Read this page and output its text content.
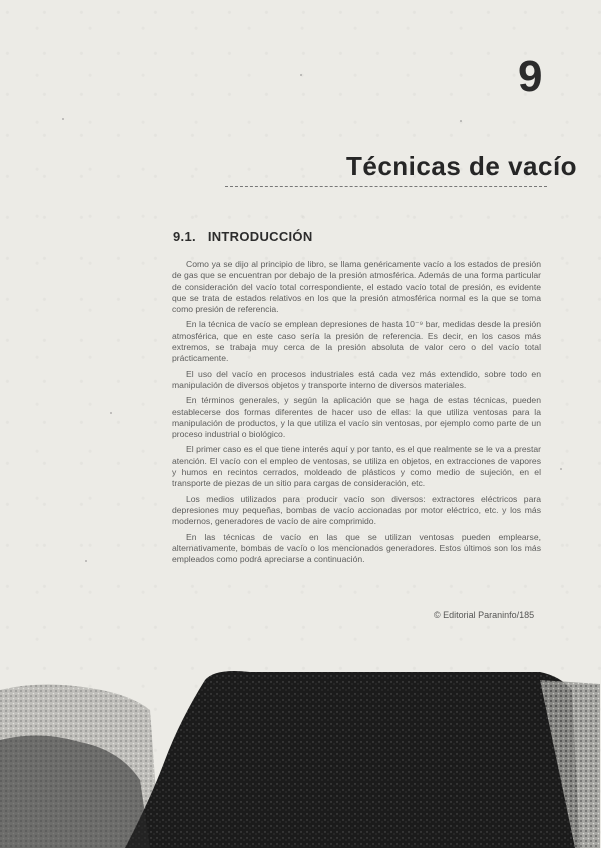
9
Técnicas de vacío
9.1. INTRODUCCIÓN

Como ya se dijo al principio de libro, se llama genéricamente vacío a los estados de presión de gas que se encuentran por debajo de la presión atmosférica. Además de una forma particular de consideración del vacío total correspondiente, el estado vacío total de presión, es evidente que se trata de estados relativos en los que la presión atmosférica normal es la que se toma como presión de referencia.

En la técnica de vacío se emplean depresiones de hasta 10⁻⁹ bar, medidas desde la presión atmosférica, que en este caso sería la presión de referencia. Es decir, en los casos más extremos, se trabaja muy cerca de la presión absoluta de valor cero o del vacío total prácticamente.

El uso del vacío en procesos industriales está cada vez más extendido, sobre todo en manipulación de diversos objetos y transporte interno de diversos materiales.

En términos generales, y según la aplicación que se haga de estas técnicas, pueden establecerse dos formas diferentes de hacer uso de ellas: la que utiliza ventosas para la manipulación de productos, y la que utiliza el vacío sin ventosas, por ejemplo como parte de un proceso industrial o biológico.

El primer caso es el que tiene interés aquí y por tanto, es el que realmente se le va a prestar atención. El vacío con el empleo de ventosas, se utiliza en objetos, en extracciones de vapores y humos en recintos cerrados, moldeado de plásticos y como medio de sujeción, en el transporte de piezas de un sitio para cargas de consideración, etc.

Los medios utilizados para producir vacío son diversos: extractores eléctricos para depresiones muy pequeñas, bombas de vacío accionadas por motor eléctrico, etc. y los más modernos, generadores de vacío de aire comprimido.

En las técnicas de vacío en las que se utilizan ventosas pueden emplearse, alternativamente, bombas de vacío o los mencionados generadores. Estos últimos son los más empleados como podrá apreciarse a continuación.

© Editorial Paraninfo/185
